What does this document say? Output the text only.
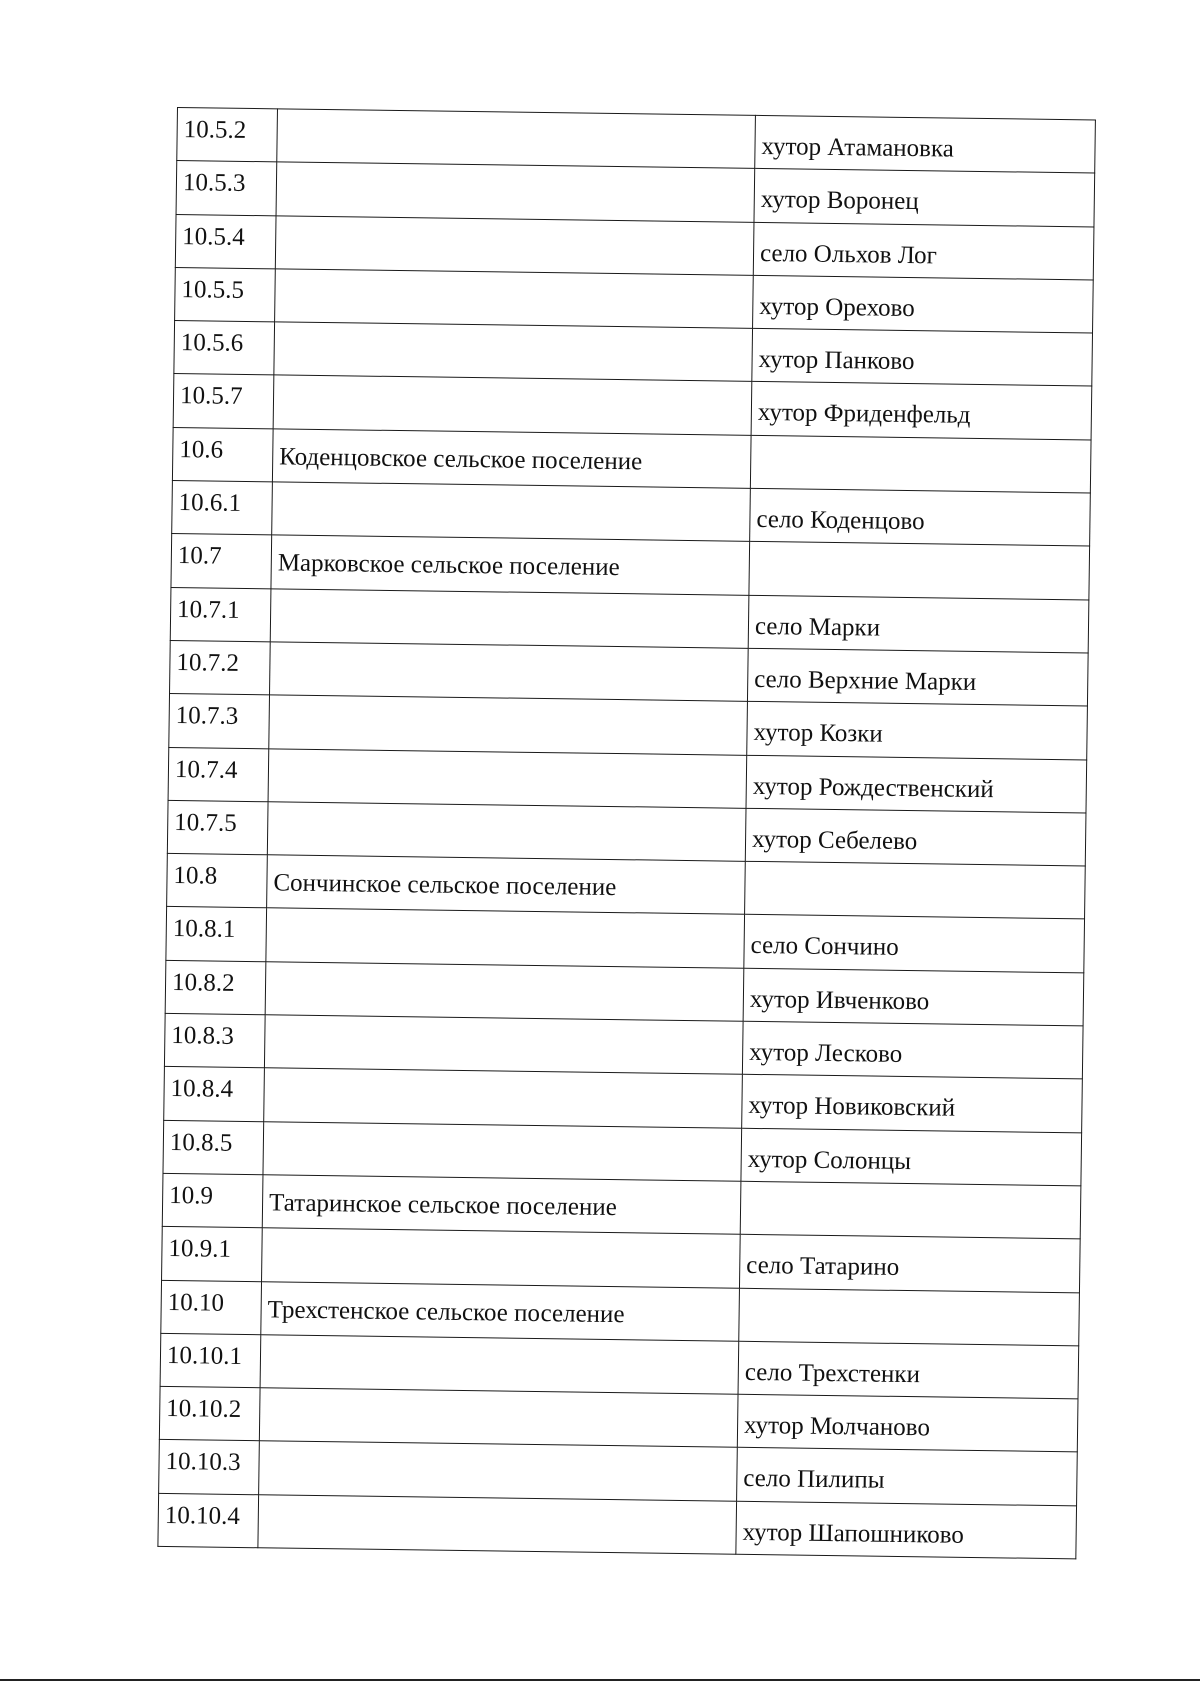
10.5.2		хутор Атамановка

10.5.3		хутор Воронец

10.5.4		село Ольхов Лог

10.5.5		хутор Орехово

10.5.6		хутор Панково

10.5.7		хутор Фриденфельд

10.6	Коденцовское сельское поселение	

10.6.1		село Коденцово

10.7	Марковское сельское поселение	

10.7.1		село Марки

10.7.2		село Верхние Марки

10.7.3		хутор Козки

10.7.4		хутор Рождественский

10.7.5		хутор Себелево

10.8	Сончинское сельское поселение	

10.8.1		село Сончино

10.8.2		хутор Ивченково

10.8.3		хутор Лесково

10.8.4		хутор Новиковский

10.8.5		хутор Солонцы

10.9	Татаринское сельское поселение	

10.9.1		село Татарино

10.10	Трехстенское сельское поселение	

10.10.1		село Трехстенки

10.10.2		хутор Молчаново

10.10.3		село Пилипы

10.10.4		хутор Шапошниково
